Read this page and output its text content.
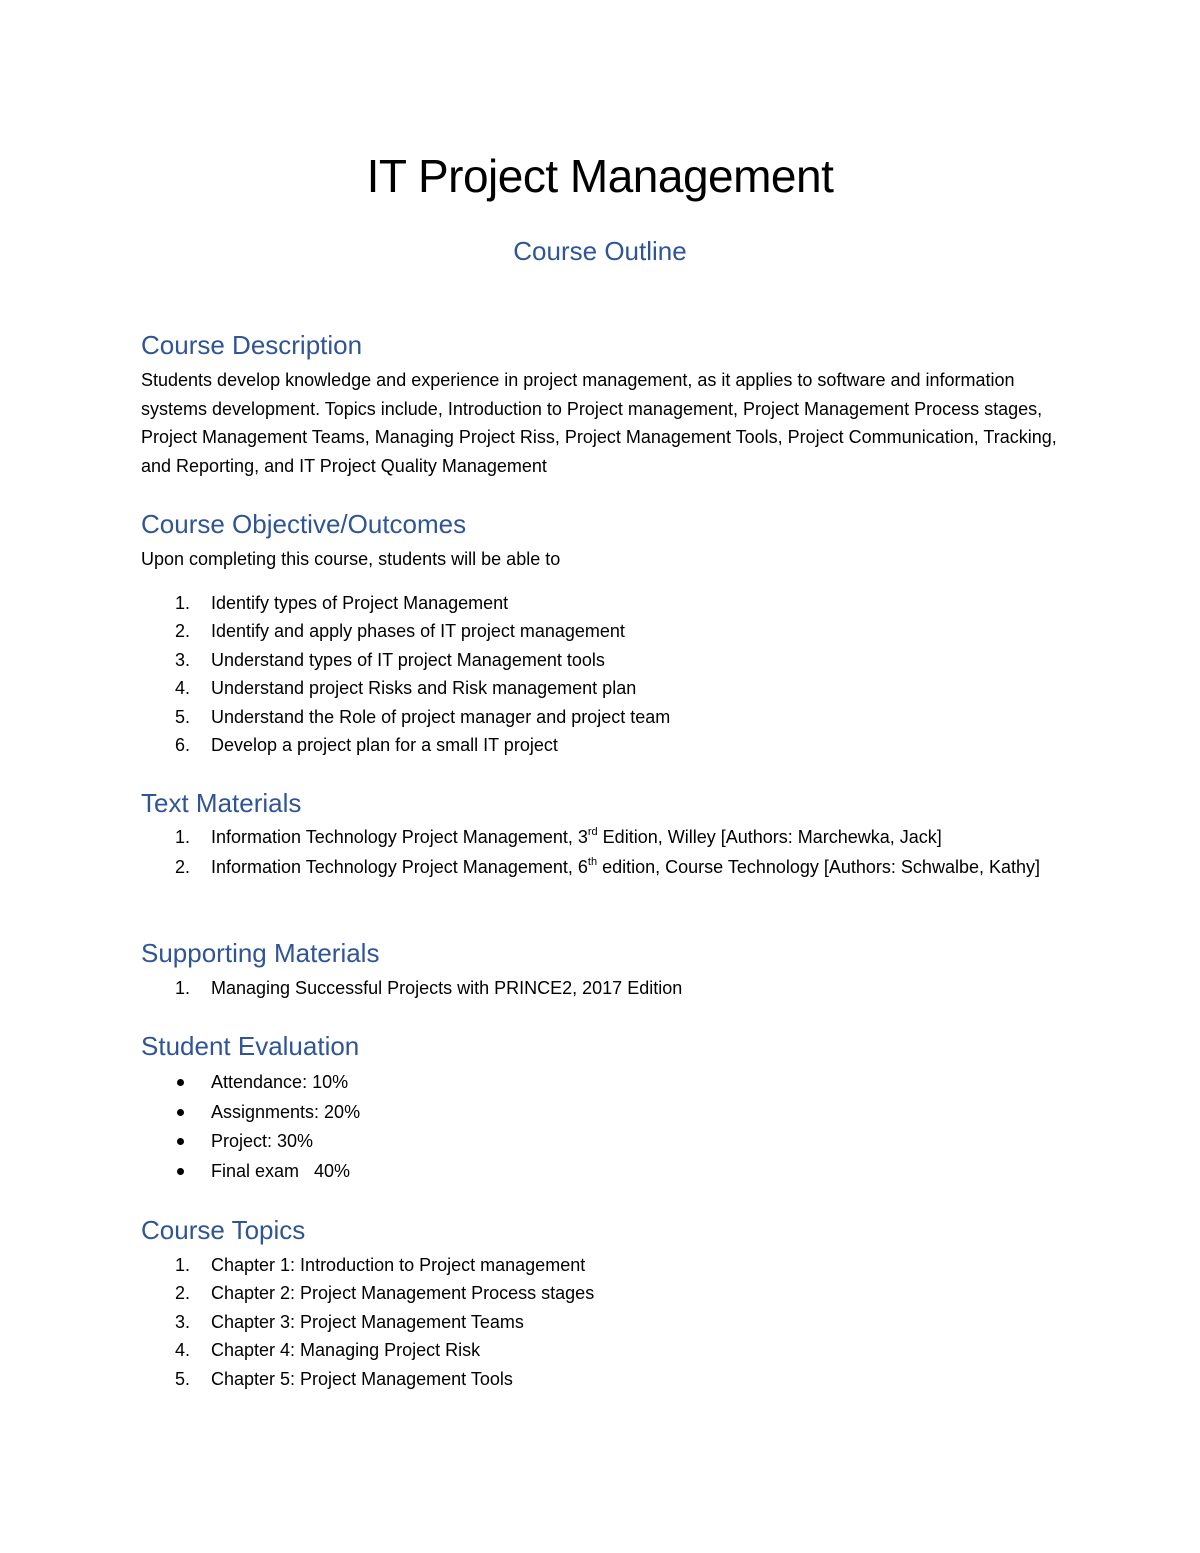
IT Project Management
Course Outline
Course Description

Students develop knowledge and experience in project management, as it applies to software and information systems development. Topics include, Introduction to Project management, Project Management Process stages, Project Management Teams, Managing Project Riss, Project Management Tools, Project Communication, Tracking, and Reporting, and IT Project Quality Management

Course Objective/Outcomes

Upon completing this course, students will be able to

1. Identify types of Project Management
2. Identify and apply phases of IT project management
3. Understand types of IT project Management tools
4. Understand project Risks and Risk management plan
5. Understand the Role of project manager and project team
6. Develop a project plan for a small IT project
Text Materials
1. Information Technology Project Management, 3rd Edition, Willey [Authors: Marchewka, Jack]
2. Information Technology Project Management, 6th edition, Course Technology [Authors: Schwalbe, Kathy]
Supporting Materials
1. Managing Successful Projects with PRINCE2, 2017 Edition
Student Evaluation
Attendance: 10%
Assignments: 20%
Project: 30%
Final exam   40%
Course Topics
1. Chapter 1: Introduction to Project management
2. Chapter 2: Project Management Process stages
3. Chapter 3: Project Management Teams
4. Chapter 4: Managing Project Risk
5. Chapter 5: Project Management Tools
